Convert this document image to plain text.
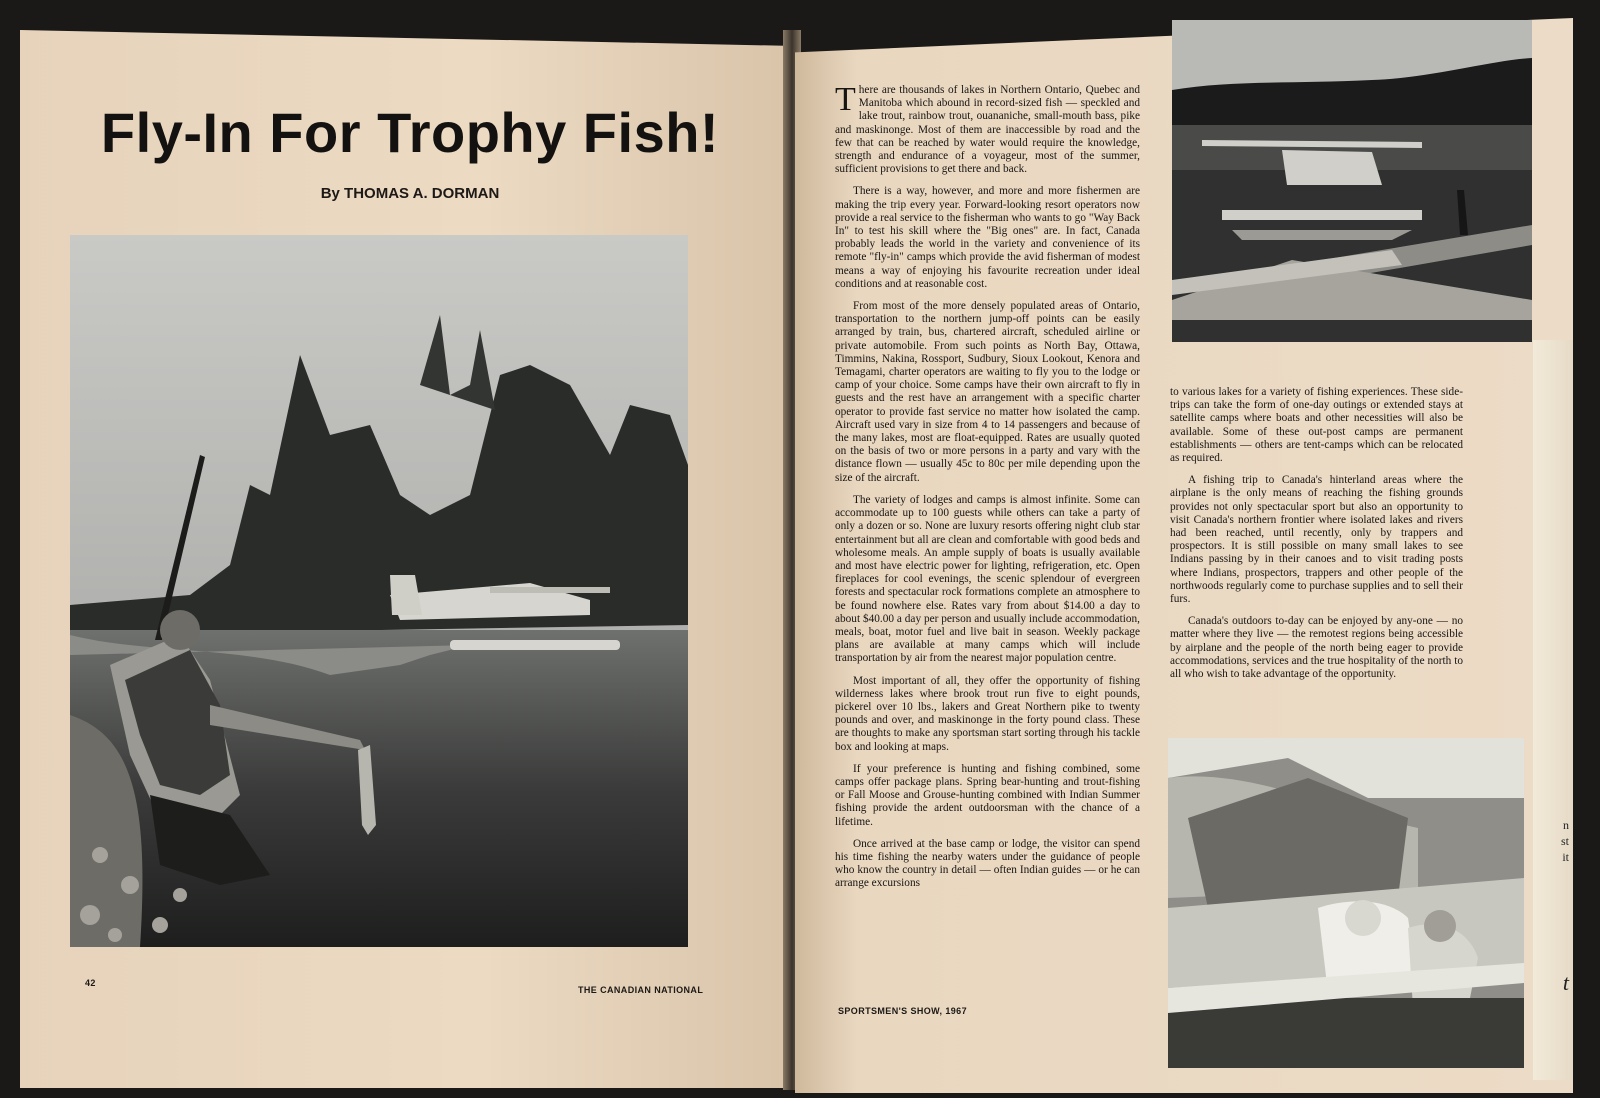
Fly-In For Trophy Fish!

By THOMAS A. DORMAN

42

THE CANADIAN NATIONAL

There are thousands of lakes in Northern Ontario, Quebec and Manitoba which abound in record-sized fish — speckled and lake trout, rainbow trout, ouananiche, small-mouth bass, pike and maskinonge. Most of them are inaccessible by road and the few that can be reached by water would require the knowledge, strength and endurance of a voyageur, most of the summer, sufficient provisions to get there and back.

There is a way, however, and more and more fishermen are making the trip every year. Forward-looking resort operators now provide a real service to the fisherman who wants to go "Way Back In" to test his skill where the "Big ones" are. In fact, Canada probably leads the world in the variety and convenience of its remote "fly-in" camps which provide the avid fisherman of modest means a way of enjoying his favourite recreation under ideal conditions and at reasonable cost.

From most of the more densely populated areas of Ontario, transportation to the northern jump-off points can be easily arranged by train, bus, chartered aircraft, scheduled airline or private automobile. From such points as North Bay, Ottawa, Timmins, Nakina, Rossport, Sudbury, Sioux Lookout, Kenora and Temagami, charter operators are waiting to fly you to the lodge or camp of your choice. Some camps have their own aircraft to fly in guests and the rest have an arrangement with a specific charter operator to provide fast service no matter how isolated the camp. Aircraft used vary in size from 4 to 14 passengers and because of the many lakes, most are float-equipped. Rates are usually quoted on the basis of two or more persons in a party and vary with the distance flown — usually 45c to 80c per mile depending upon the size of the aircraft.

The variety of lodges and camps is almost infinite. Some can accommodate up to 100 guests while others can take a party of only a dozen or so. None are luxury resorts offering night club star entertainment but all are clean and comfortable with good beds and wholesome meals. An ample supply of boats is usually available and most have electric power for lighting, refrigeration, etc. Open fireplaces for cool evenings, the scenic splendour of evergreen forests and spectacular rock formations complete an atmosphere to be found nowhere else. Rates vary from about $14.00 a day to about $40.00 a day per person and usually include accommodation, meals, boat, motor fuel and live bait in season. Weekly package plans are available at many camps which will include transportation by air from the nearest major population centre.

Most important of all, they offer the opportunity of fishing wilderness lakes where brook trout run five to eight pounds, pickerel over 10 lbs., lakers and Great Northern pike to twenty pounds and over, and maskinonge in the forty pound class. These are thoughts to make any sportsman start sorting through his tackle box and looking at maps.

If your preference is hunting and fishing combined, some camps offer package plans. Spring bear-hunting and trout-fishing or Fall Moose and Grouse-hunting combined with Indian Summer fishing provide the ardent outdoorsman with the chance of a lifetime.

Once arrived at the base camp or lodge, the visitor can spend his time fishing the nearby waters under the guidance of people who know the country in detail — often Indian guides — or he can arrange excursions

to various lakes for a variety of fishing experiences. These side-trips can take the form of one-day outings or extended stays at satellite camps where boats and other necessities will also be available. Some of these out-post camps are permanent establishments — others are tent-camps which can be relocated as required.

A fishing trip to Canada's hinterland areas where the airplane is the only means of reaching the fishing grounds provides not only spectacular sport but also an opportunity to visit Canada's northern frontier where isolated lakes and rivers had been reached, until recently, only by trappers and prospectors. It is still possible on many small lakes to see Indians passing by in their canoes and to visit trading posts where Indians, prospectors, trappers and other people of the northwoods regularly come to purchase supplies and to sell their furs.

Canada's outdoors to-day can be enjoyed by any-one — no matter where they live — the remotest regions being accessible by airplane and the people of the north being eager to provide accommodations, services and the true hospitality of the north to all who wish to take advantage of the opportunity.

n
st
it
t

SPORTSMEN'S SHOW, 1967
